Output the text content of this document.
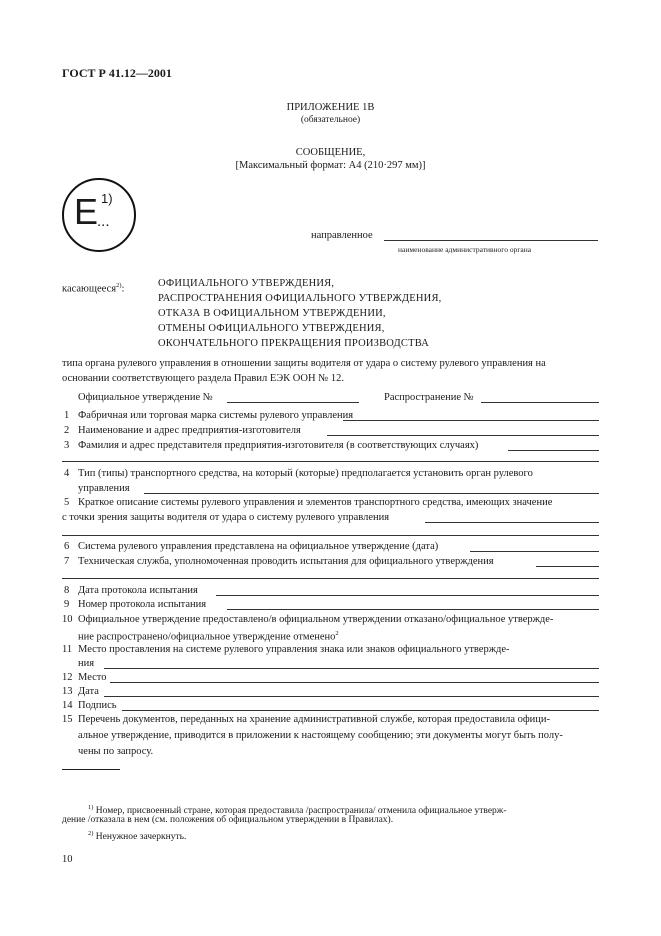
ГОСТ Р 41.12—2001
ПРИЛОЖЕНИЕ 1В
(обязательное)
СООБЩЕНИЕ,
[Максимальный формат: А4 (210·297 мм)]
E 1)
...
направленное
наименование административного органа
касающееся$^{2)}$:	ОФИЦИАЛЬНОГО УТВЕРЖДЕНИЯ,
РАСПРОСТРАНЕНИЯ ОФИЦИАЛЬНОГО УТВЕРЖДЕНИЯ,
ОТКАЗА В ОФИЦИАЛЬНОМ УТВЕРЖДЕНИИ,
ОТМЕНЫ ОФИЦИАЛЬНОГО УТВЕРЖДЕНИЯ,
ОКОНЧАТЕЛЬНОГО ПРЕКРАЩЕНИЯ ПРОИЗВОДСТВА
типа органа рулевого управления в отношении защиты водителя от удара о систему рулевого управления на
основании соответствующего раздела Правил ЕЭК ООН № 12.
Официальное утверждение №	Распространение №
1 Фабричная или торговая марка системы рулевого управления
2 Наименование и адрес предприятия-изготовителя
3 Фамилия и адрес представителя предприятия-изготовителя (в соответствующих случаях)
4 Тип (типы) транспортного средства, на который (которые) предполагается установить орган рулевого
управления
5 Краткое описание системы рулевого управления и элементов транспортного средства, имеющих значение
с точки зрения защиты водителя от удара о систему рулевого управления
6 Система рулевого управления представлена на официальное утверждение (дата)
7 Техническая служба, уполномоченная проводить испытания для официального утверждения
8 Дата протокола испытания
9 Номер протокола испытания
10 Официальное утверждение предоставлено/в официальном утверждении отказано/официальное утвержде-
ние распространено/официальное утверждение отменено$^2$
11 Место проставления на системе рулевого управления знака или знаков официального утвержде-
ния
12 Место
13 Дата
14 Подпись
15 Перечень документов, переданных на хранение административной службе, которая предоставила офици-
альное утверждение, приводится в приложении к настоящему сообщению; эти документы могут быть полу-
чены по запросу.
$^{1)}$ Номер, присвоенный стране, которая предоставила /распространила/ отменила официальное утверж-
дение /отказала в нем (см. положения об официальном утверждении в Правилах).
$^{2)}$ Ненужное зачеркнуть.
10
